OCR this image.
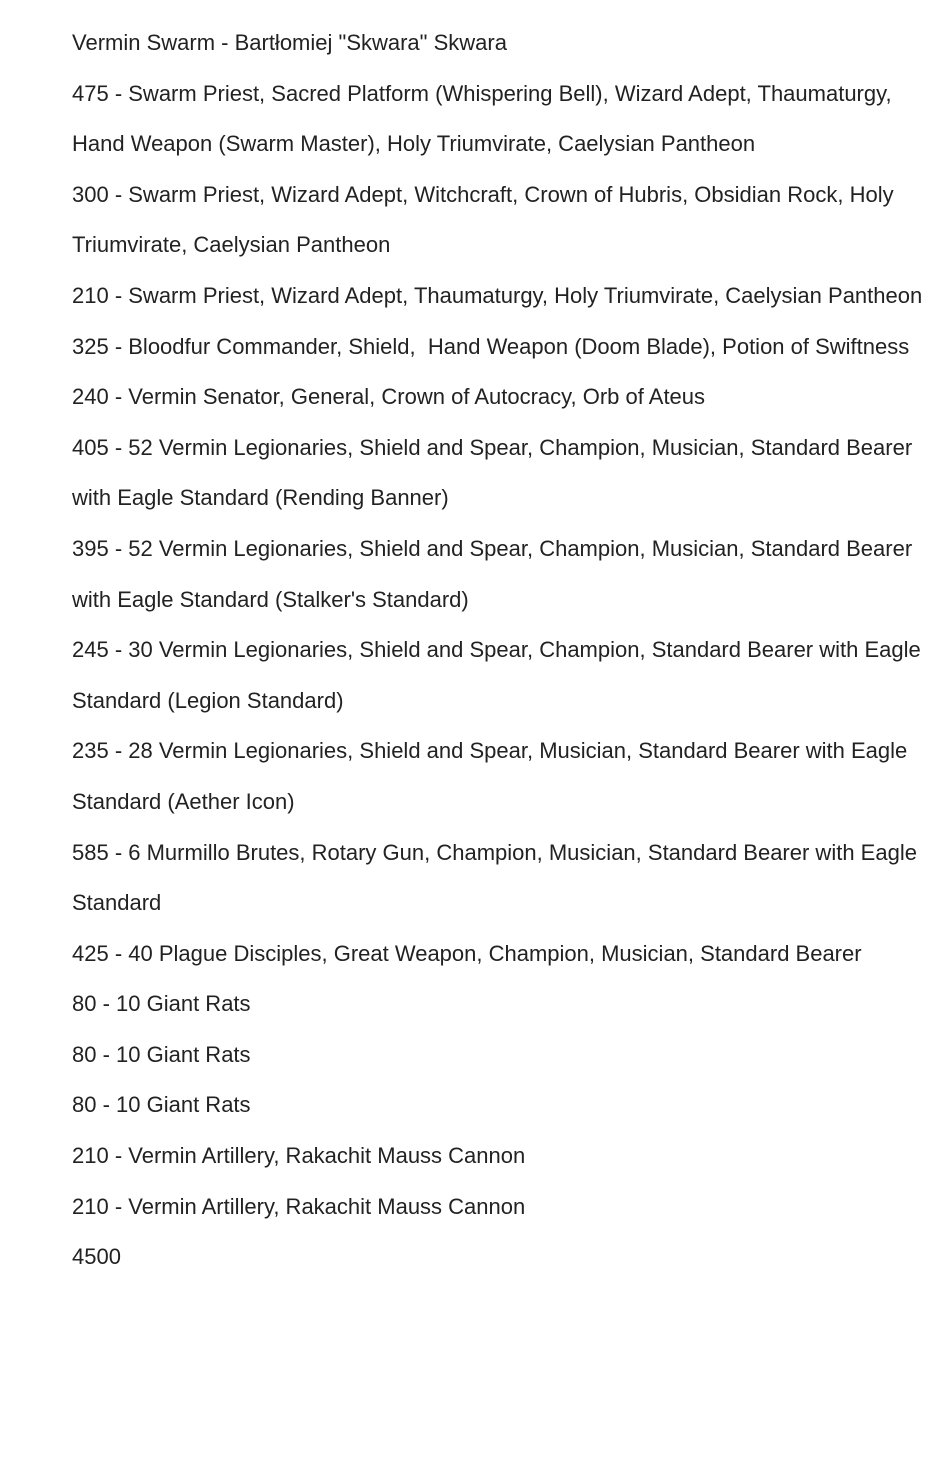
Vermin Swarm - Bartłomiej "Skwara" Skwara

475 - Swarm Priest, Sacred Platform (Whispering Bell), Wizard Adept, Thaumaturgy,  Hand Weapon (Swarm Master), Holy Triumvirate, Caelysian Pantheon

300 - Swarm Priest, Wizard Adept, Witchcraft, Crown of Hubris, Obsidian Rock, Holy Triumvirate, Caelysian Pantheon

210 - Swarm Priest, Wizard Adept, Thaumaturgy, Holy Triumvirate, Caelysian Pantheon

325 - Bloodfur Commander, Shield,  Hand Weapon (Doom Blade), Potion of Swiftness

240 - Vermin Senator, General, Crown of Autocracy, Orb of Ateus

405 - 52 Vermin Legionaries, Shield and Spear, Champion, Musician, Standard Bearer with Eagle Standard (Rending Banner)

395 - 52 Vermin Legionaries, Shield and Spear, Champion, Musician, Standard Bearer with Eagle Standard (Stalker's Standard)

245 - 30 Vermin Legionaries, Shield and Spear, Champion, Standard Bearer with Eagle Standard (Legion Standard)

235 - 28 Vermin Legionaries, Shield and Spear, Musician, Standard Bearer with Eagle Standard (Aether Icon)

585 - 6 Murmillo Brutes, Rotary Gun, Champion, Musician, Standard Bearer with Eagle Standard

425 - 40 Plague Disciples, Great Weapon, Champion, Musician, Standard Bearer

80 - 10 Giant Rats

80 - 10 Giant Rats

80 - 10 Giant Rats

210 - Vermin Artillery, Rakachit Mauss Cannon

210 - Vermin Artillery, Rakachit Mauss Cannon

4500
